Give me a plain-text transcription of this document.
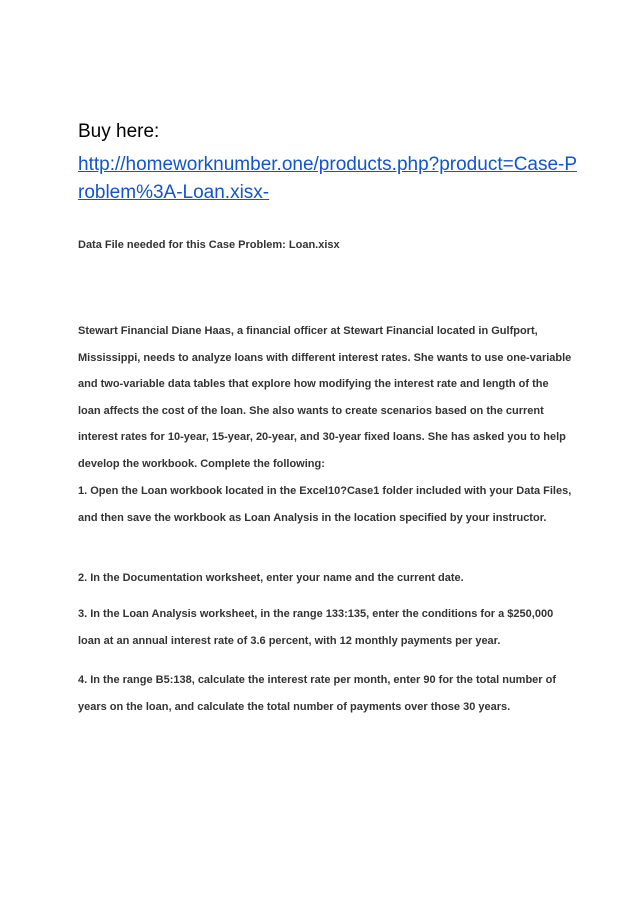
Buy here:
http://homeworknumber.one/products.php?product=Case-Problem%3A-Loan.xisx-
Data File needed for this Case Problem: Loan.xisx

Stewart Financial Diane Haas, a financial officer at Stewart Financial located in Gulfport, Mississippi, needs to analyze loans with different interest rates. She wants to use one-variable and two-variable data tables that explore how modifying the interest rate and length of the loan affects the cost of the loan. She also wants to create scenarios based on the current interest rates for 10-year, 15-year, 20-year, and 30-year fixed loans. She has asked you to help develop the workbook. Complete the following:

1. Open the Loan workbook located in the Excel10?Case1 folder included with your Data Files, and then save the workbook as Loan Analysis in the location specified by your instructor.

2. In the Documentation worksheet, enter your name and the current date.

3. In the Loan Analysis worksheet, in the range 133:135, enter the conditions for a $250,000 loan at an annual interest rate of 3.6 percent, with 12 monthly payments per year.

4. In the range B5:138, calculate the interest rate per month, enter 90 for the total number of years on the loan, and calculate the total number of payments over those 30 years.
